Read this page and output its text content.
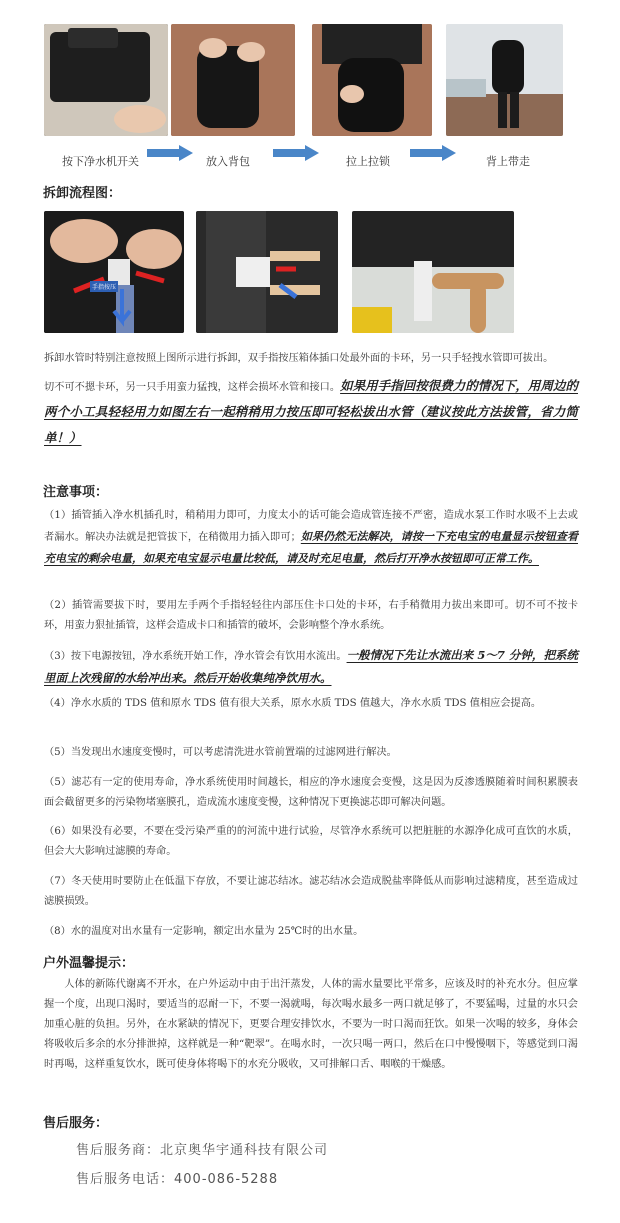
按下净水机开关	放入背包	拉上拉锁	背上带走
拆卸流程图：
手指按压
拆卸水管时特别注意按照上图所示进行拆卸，双手指按压箱体插口处最外面的卡环，另一只手轻拽水管即可拔出。
切不可不摁卡环，另一只手用蛮力猛拽，这样会损坏水管和接口。如果用手指回按很费力的情况下，用周边的两个小工具轻轻用力如图左右一起稍稍用力按压即可轻松拔出水管（建议按此方法拔管，省力简单！）
注意事项：
（1）插管插入净水机插孔时，稍稍用力即可，力度太小的话可能会造成管连接不严密，造成水泵工作时水吸不上去或者漏水。解决办法就是把管拔下，在稍微用力插入即可；如果仍然无法解决，请按一下充电宝的电量显示按钮查看充电宝的剩余电量，如果充电宝显示电量比较低，请及时充足电量，然后打开净水按钮即可正常工作。
（2）插管需要拔下时，要用左手两个手指轻轻往内部压住卡口处的卡环，右手稍微用力拔出来即可。切不可不按卡环，用蛮力狠扯插管，这样会造成卡口和插管的破坏，会影响整个净水系统。
（3）按下电源按钮，净水系统开始工作，净水管会有饮用水流出。一般情况下先让水流出来 5～7 分钟，把系统里面上次残留的水给冲出来。然后开始收集纯净饮用水。
（4）净水水质的 TDS 值和原水 TDS 值有很大关系，原水水质 TDS 值越大，净水水质 TDS 值相应会提高。
（5）当发现出水速度变慢时，可以考虑清洗进水管前置端的过滤网进行解决。
（5）滤芯有一定的使用寿命，净水系统使用时间越长，相应的净水速度会变慢，这是因为反渗透膜随着时间积累膜表面会截留更多的污染物堵塞膜孔，造成流水速度变慢，这种情况下更换滤芯即可解决问题。
（6）如果没有必要，不要在受污染严重的的河流中进行试验，尽管净水系统可以把脏脏的水源净化成可直饮的水质，但会大大影响过滤膜的寿命。
（7）冬天使用时要防止在低温下存放，不要让滤芯结冰。滤芯结冰会造成脱盐率降低从而影响过滤精度，甚至造成过滤膜损毁。
（8）水的温度对出水量有一定影响，额定出水量为 25℃时的出水量。
户外温馨提示：
人体的新陈代谢离不开水，在户外运动中由于出汗蒸发，人体的需水量要比平常多，应该及时的补充水分。但应掌握一个度，出现口渴时，要适当的忍耐一下，不要一渴就喝，每次喝水最多一两口就足够了，不要猛喝，过量的水只会加重心脏的负担。另外，在水紧缺的情况下，更要合理安排饮水，不要为一时口渴而狂饮。如果一次喝的较多，身体会将吸收后多余的水分排泄掉，这样就是一种“靶翠”。在喝水时，一次只喝一两口，然后在口中慢慢咽下，等感觉到口渴时再喝，这样重复饮水，既可使身体将喝下的水充分吸收，又可排解口舌、咽喉的干燥感。
售后服务：
售后服务商：北京奥华宇通科技有限公司
售后服务电话：400-086-5288
